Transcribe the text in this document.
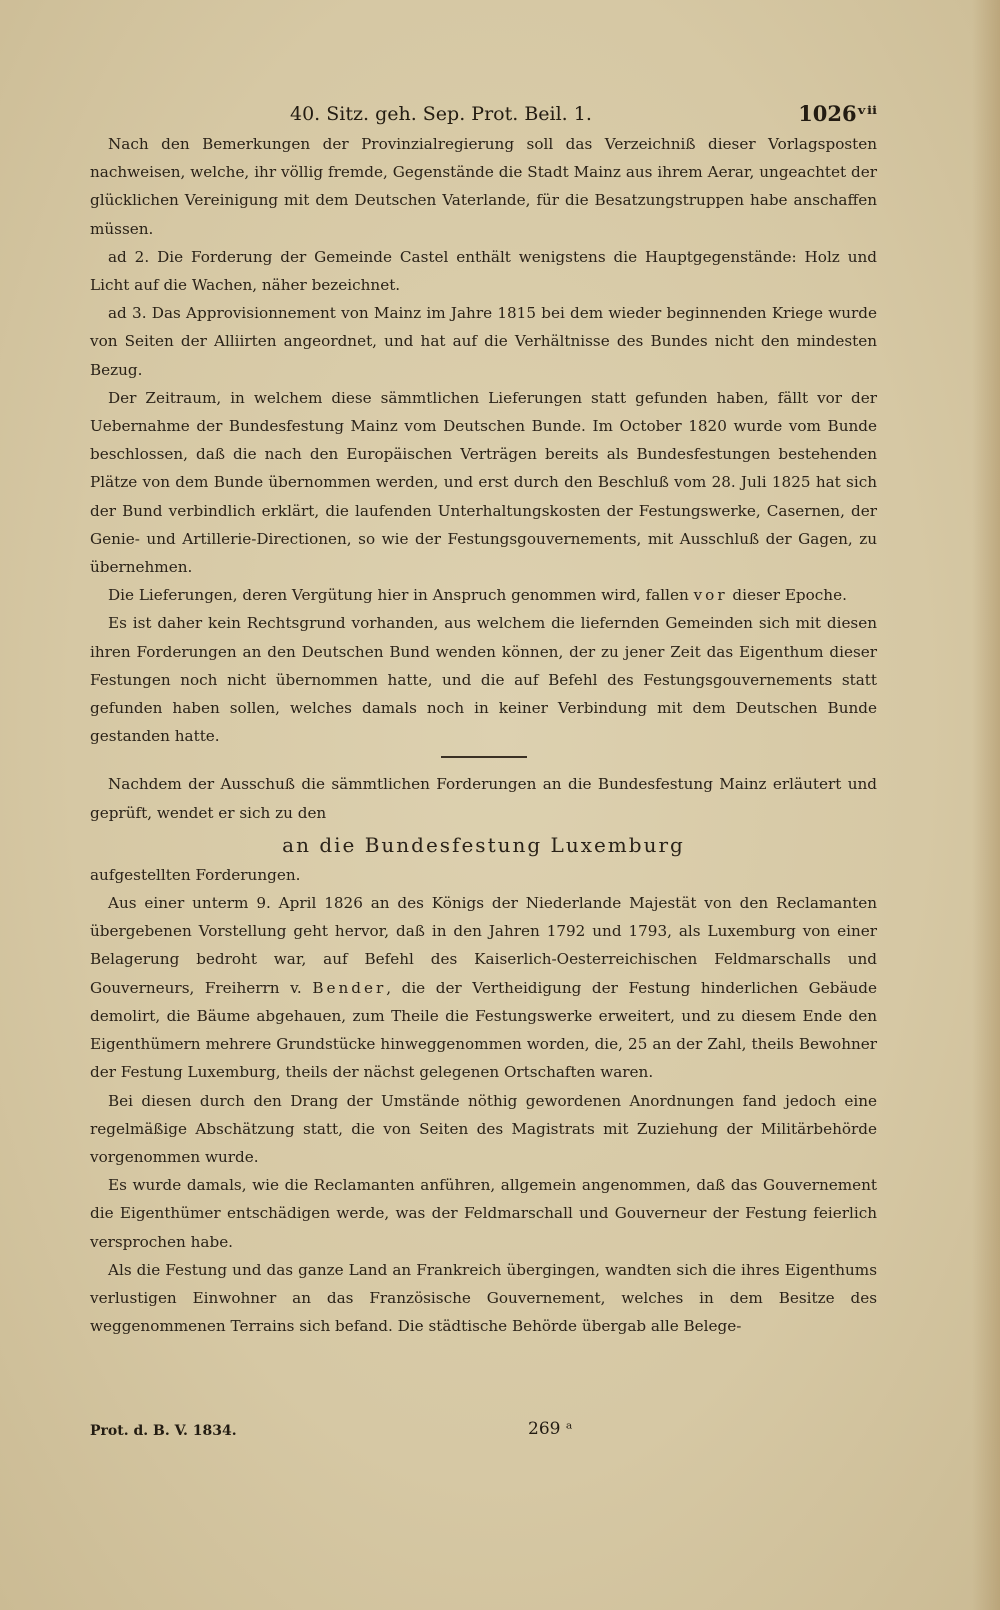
40. Sitz. geh. Sep. Prot. Beil. 1.	1026ᵛⁱⁱ

Nach den Bemerkungen der Provinzialregierung soll das Verzeichniß dieser Vorlagsposten nachweisen, welche, ihr völlig fremde, Gegenstände die Stadt Mainz aus ihrem Aerar, ungeachtet der glücklichen Vereinigung mit dem Deutschen Vaterlande, für die Besatzungstruppen habe anschaffen müssen.

ad 2. Die Forderung der Gemeinde Castel enthält wenigstens die Hauptgegenstände: Holz und Licht auf die Wachen, näher bezeichnet.

ad 3. Das Approvisionnement von Mainz im Jahre 1815 bei dem wieder beginnenden Kriege wurde von Seiten der Alliirten angeordnet, und hat auf die Verhältnisse des Bundes nicht den mindesten Bezug.

Der Zeitraum, in welchem diese sämmtlichen Lieferungen statt gefunden haben, fällt vor der Uebernahme der Bundesfestung Mainz vom Deutschen Bunde. Im October 1820 wurde vom Bunde beschlossen, daß die nach den Europäischen Verträgen bereits als Bundesfestungen bestehenden Plätze von dem Bunde übernommen werden, und erst durch den Beschluß vom 28. Juli 1825 hat sich der Bund verbindlich erklärt, die laufenden Unterhaltungskosten der Festungswerke, Casernen, der Genie- und Artillerie-Directionen, so wie der Festungsgouvernements, mit Ausschluß der Gagen, zu übernehmen.

Die Lieferungen, deren Vergütung hier in Anspruch genommen wird, fallen vor dieser Epoche.

Es ist daher kein Rechtsgrund vorhanden, aus welchem die liefernden Gemeinden sich mit diesen ihren Forderungen an den Deutschen Bund wenden können, der zu jener Zeit das Eigenthum dieser Festungen noch nicht übernommen hatte, und die auf Befehl des Festungsgouvernements statt gefunden haben sollen, welches damals noch in keiner Verbindung mit dem Deutschen Bunde gestanden hatte.

Nachdem der Ausschuß die sämmtlichen Forderungen an die Bundesfestung Mainz erläutert und geprüft, wendet er sich zu den

an die Bundesfestung Luxemburg

aufgestellten Forderungen.

Aus einer unterm 9. April 1826 an des Königs der Niederlande Majestät von den Reclamanten übergebenen Vorstellung geht hervor, daß in den Jahren 1792 und 1793, als Luxemburg von einer Belagerung bedroht war, auf Befehl des Kaiserlich-Oesterreichischen Feldmarschalls und Gouverneurs, Freiherrn v. Bender, die der Vertheidigung der Festung hinderlichen Gebäude demolirt, die Bäume abgehauen, zum Theile die Festungswerke erweitert, und zu diesem Ende den Eigenthümern mehrere Grundstücke hinweggenommen worden, die, 25 an der Zahl, theils Bewohner der Festung Luxemburg, theils der nächst gelegenen Ortschaften waren.

Bei diesen durch den Drang der Umstände nöthig gewordenen Anordnungen fand jedoch eine regelmäßige Abschätzung statt, die von Seiten des Magistrats mit Zuziehung der Militärbehörde vorgenommen wurde.

Es wurde damals, wie die Reclamanten anführen, allgemein angenommen, daß das Gouvernement die Eigenthümer entschädigen werde, was der Feldmarschall und Gouverneur der Festung feierlich versprochen habe.

Als die Festung und das ganze Land an Frankreich übergingen, wandten sich die ihres Eigenthums verlustigen Einwohner an das Französische Gouvernement, welches in dem Besitze des weggenommenen Terrains sich befand. Die städtische Behörde übergab alle Belege-

Prot. d. B. V. 1834.	269 ᵃ
